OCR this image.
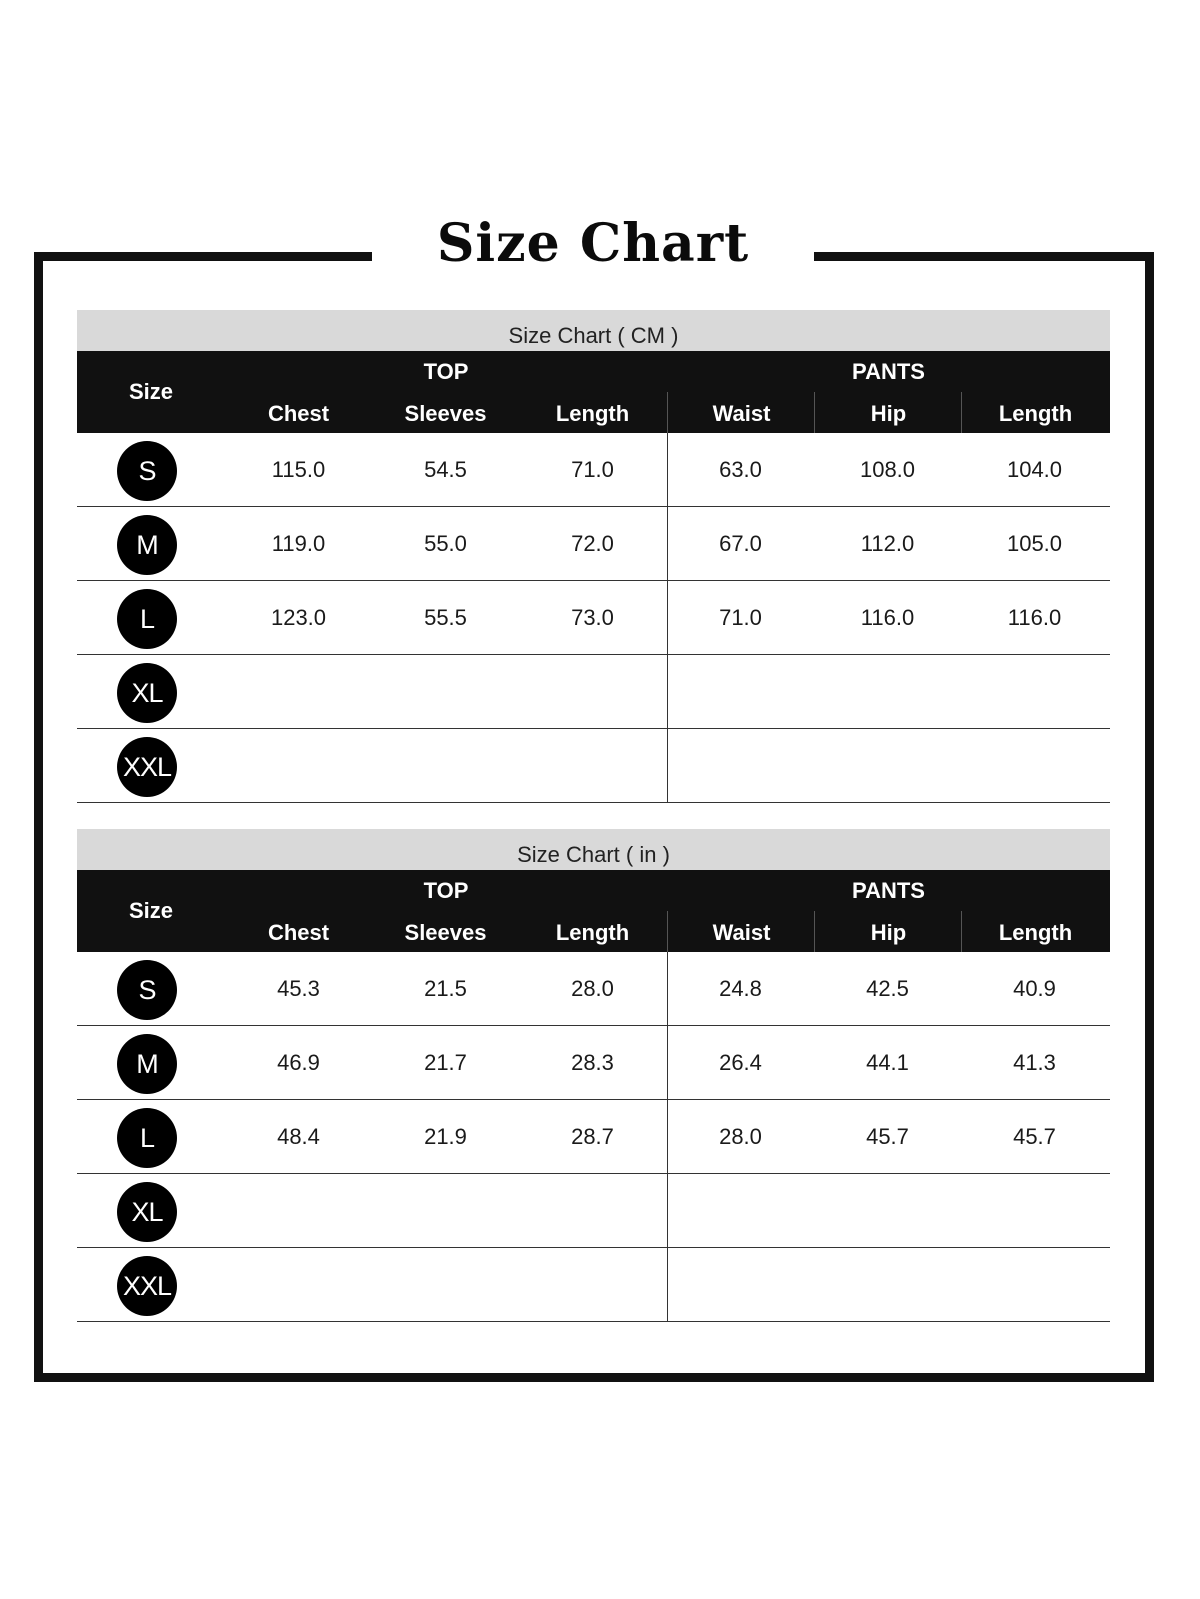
Size Chart
Size Chart ( CM )
Size
TOP	PANTS
Chest	Sleeves	Length	Waist	Hip	Length
S	115.0	54.5	71.0	63.0	108.0	104.0
M	119.0	55.0	72.0	67.0	112.0	105.0
L	123.0	55.5	73.0	71.0	116.0	116.0
XL
XXL
Size Chart ( in )
Size
TOP	PANTS
Chest	Sleeves	Length	Waist	Hip	Length
S	45.3	21.5	28.0	24.8	42.5	40.9
M	46.9	21.7	28.3	26.4	44.1	41.3
L	48.4	21.9	28.7	28.0	45.7	45.7
XL
XXL
